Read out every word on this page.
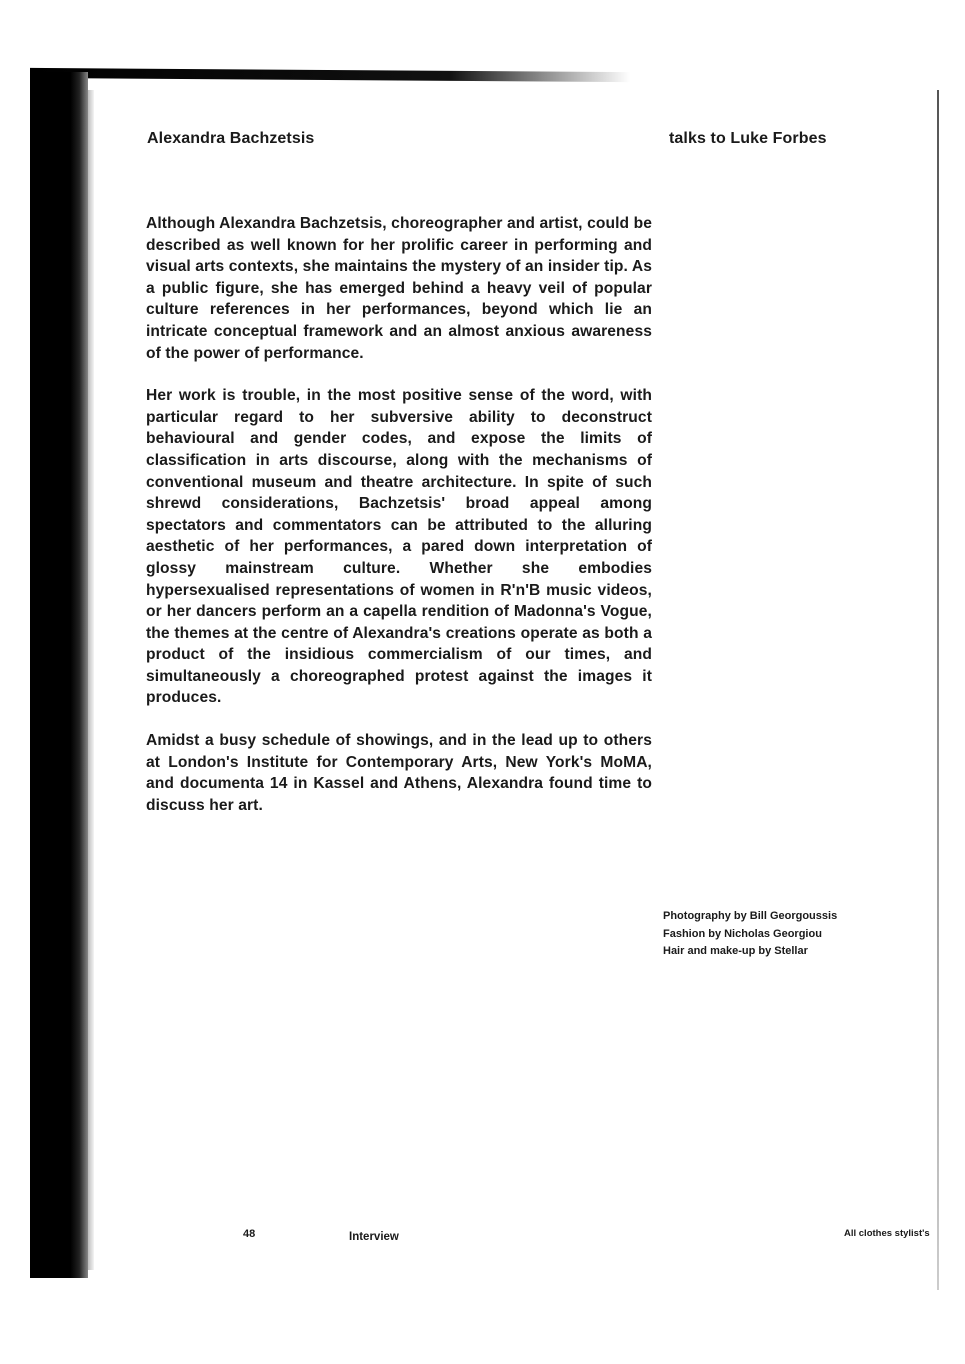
Alexandra Bachzetsis	talks to Luke Forbes

Although Alexandra Bachzetsis, choreographer and artist, could be described as well known for her prolific career in performing and visual arts contexts, she maintains the mystery of an insider tip. As a public figure, she has emerged behind a heavy veil of popular culture references in her performances, beyond which lie an intricate conceptual framework and an almost anxious awareness of the power of performance.

Her work is trouble, in the most positive sense of the word, with particular regard to her subversive ability to deconstruct behavioural and gender codes, and expose the limits of classification in arts discourse, along with the mechanisms of conventional museum and theatre architecture. In spite of such shrewd considerations, Bachzetsis' broad appeal among spectators and commentators can be attributed to the alluring aesthetic of her performances, a pared down interpretation of glossy mainstream culture. Whether she embodies hypersexualised representations of women in R'n'B music videos, or her dancers perform an a capella rendition of Madonna's Vogue, the themes at the centre of Alexandra's creations operate as both a product of the insidious commercialism of our times, and simultaneously a choreographed protest against the images it produces.

Amidst a busy schedule of showings, and in the lead up to others at London's Institute for Contemporary Arts, New York's MoMA, and documenta 14 in Kassel and Athens, Alexandra found time to discuss her art.

Photography by Bill Georgoussis
Fashion by Nicholas Georgiou
Hair and make-up by Stellar
48	Interview	All clothes stylist's
